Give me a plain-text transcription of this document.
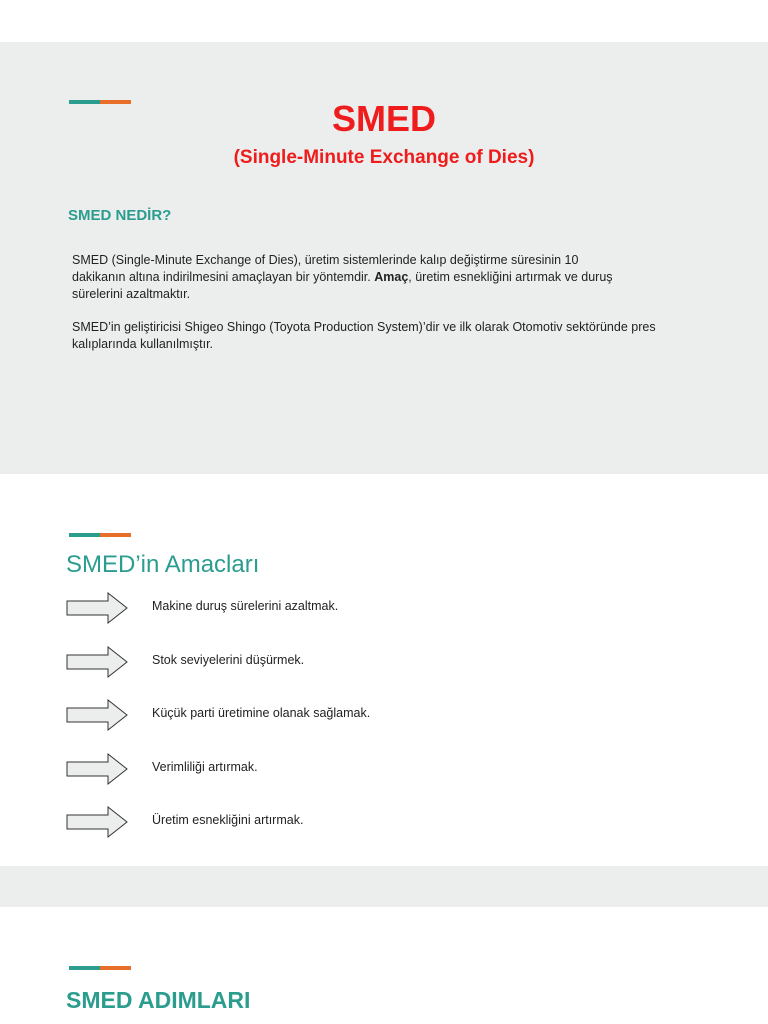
SMED

(Single-Minute Exchange of Dies)

SMED NEDİR?

SMED (Single-Minute Exchange of Dies), üretim sistemlerinde kalıp değiştirme süresinin 10 dakikanın altına indirilmesini amaçlayan bir yöntemdir. Amaç, üretim esnekliğini artırmak ve duruş sürelerini azaltmaktır.

SMED’in geliştiricisi Shigeo Shingo (Toyota Production System)’dir ve ilk olarak Otomotiv sektöründe pres kalıplarında kullanılmıştır.

SMED’in Amacları
Makine duruş sürelerini azaltmak.
Stok seviyelerini düşürmek.
Küçük parti üretimine olanak sağlamak.
Verimliliği artırmak.
Üretim esnekliğini artırmak.
SMED ADIMLARI
